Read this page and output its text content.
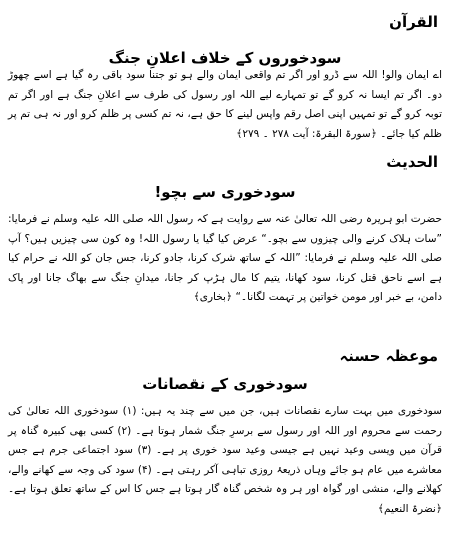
القرآن
سودخوروں کے خلاف اعلانِ جنگ

اے ایمان والو! اللہ سے ڈرو اور اگر تم واقعی ایمان والے ہو تو جتنا سود باقی رہ گیا ہے اسے چھوڑ دو۔ اگر تم ایسا نہ کرو گے تو تمہارے لیے اللہ اور رسول کی طرف سے اعلانِ جنگ ہے اور اگر تم توبہ کرو گے تو تمہیں اپنی اصل رقم واپس لینے کا حق ہے، نہ تم کسی پر ظلم کرو اور نہ ہی تم پر ظلم کیا جائے۔ ﴿سورۃ البقرۃ: آیت ۲۷۸ ۔ ۲۷۹﴾

الحدیث
سودخوری سے بچو!

حضرت ابو ہریرہ رضی اللہ تعالیٰ عنہ سے روایت ہے کہ رسول اللہ صلی اللہ علیہ وسلم نے فرمایا: ”سات ہلاک کرنے والی چیزوں سے بچو۔“ عرض کیا گیا یا رسول اللہ! وہ کون سی چیزیں ہیں؟ آپ صلی اللہ علیہ وسلم نے فرمایا: ”اللہ کے ساتھ شرک کرنا، جادو کرنا، جس جان کو اللہ نے حرام کیا ہے اسے ناحق قتل کرنا، سود کھانا، یتیم کا مال ہڑپ کر جانا، میدانِ جنگ سے بھاگ جانا اور پاک دامن، بے خبر اور مومن خواتین پر تہمت لگانا۔“ ﴿بخاری﴾

موعظہ حسنہ
سودخوری کے نقصانات

سودخوری میں بہت سارے نقصانات ہیں، جن میں سے چند یہ ہیں: (۱) سودخوری اللہ تعالیٰ کی رحمت سے محروم اور اللہ اور رسول سے برسرِ جنگ شمار ہوتا ہے۔ (۲) کسی بھی کبیرہ گناہ پر قرآن میں ویسی وعید نہیں ہے جیسی وعید سود خوری پر ہے۔ (۳) سود اجتماعی جرم ہے جس معاشرے میں عام ہو جائے وہاں ذریعۂ روزی تباہی آکر رہتی ہے۔ (۴) سود کی وجہ سے کھانے والے، کھلانے والے، منشی اور گواہ اور ہر وہ شخص گناہ گار ہوتا ہے جس کا اس کے ساتھ تعلق ہوتا ہے۔ ﴿نضرۃ النعیم﴾
